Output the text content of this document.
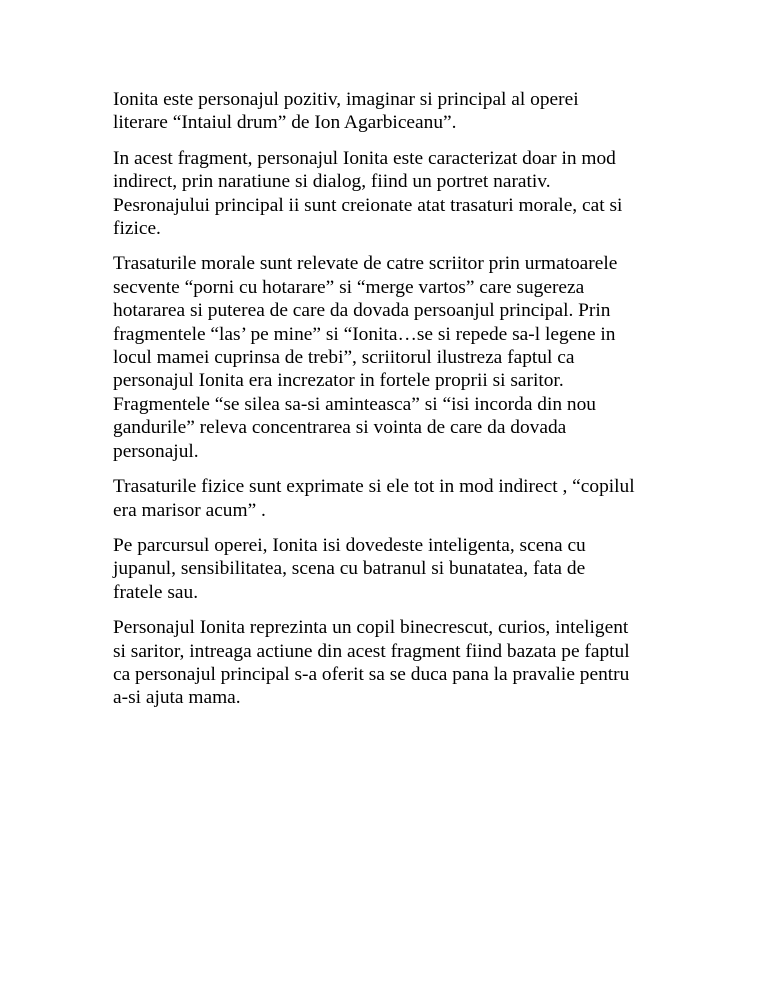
Ionita este personajul pozitiv, imaginar si principal al operei
literare “Intaiul drum” de Ion Agarbiceanu”.

In acest fragment, personajul Ionita este caracterizat doar in mod
indirect, prin naratiune si dialog, fiind un portret narativ.
Pesronajului principal ii sunt creionate atat trasaturi morale, cat si
fizice.

Trasaturile morale sunt relevate de catre scriitor prin urmatoarele
secvente “porni cu hotarare” si “merge vartos” care sugereza
hotararea si puterea de care da dovada persoanjul principal. Prin
fragmentele “las’ pe mine” si “Ionita…se si repede sa-l legene in
locul mamei cuprinsa de trebi”, scriitorul ilustreza faptul ca
personajul Ionita era increzator in fortele proprii si saritor.
Fragmentele “se silea sa-si aminteasca” si “isi incorda din nou
gandurile” releva concentrarea si vointa de care da dovada
personajul.

Trasaturile fizice sunt exprimate si ele tot in mod indirect , “copilul
era marisor acum” .

Pe parcursul operei, Ionita isi dovedeste inteligenta, scena cu
jupanul, sensibilitatea, scena cu batranul si bunatatea, fata de
fratele sau.

Personajul Ionita reprezinta un copil binecrescut, curios, inteligent
si saritor, intreaga actiune din acest fragment fiind bazata pe faptul
ca personajul principal s-a oferit sa se duca pana la pravalie pentru
a-si ajuta mama.
